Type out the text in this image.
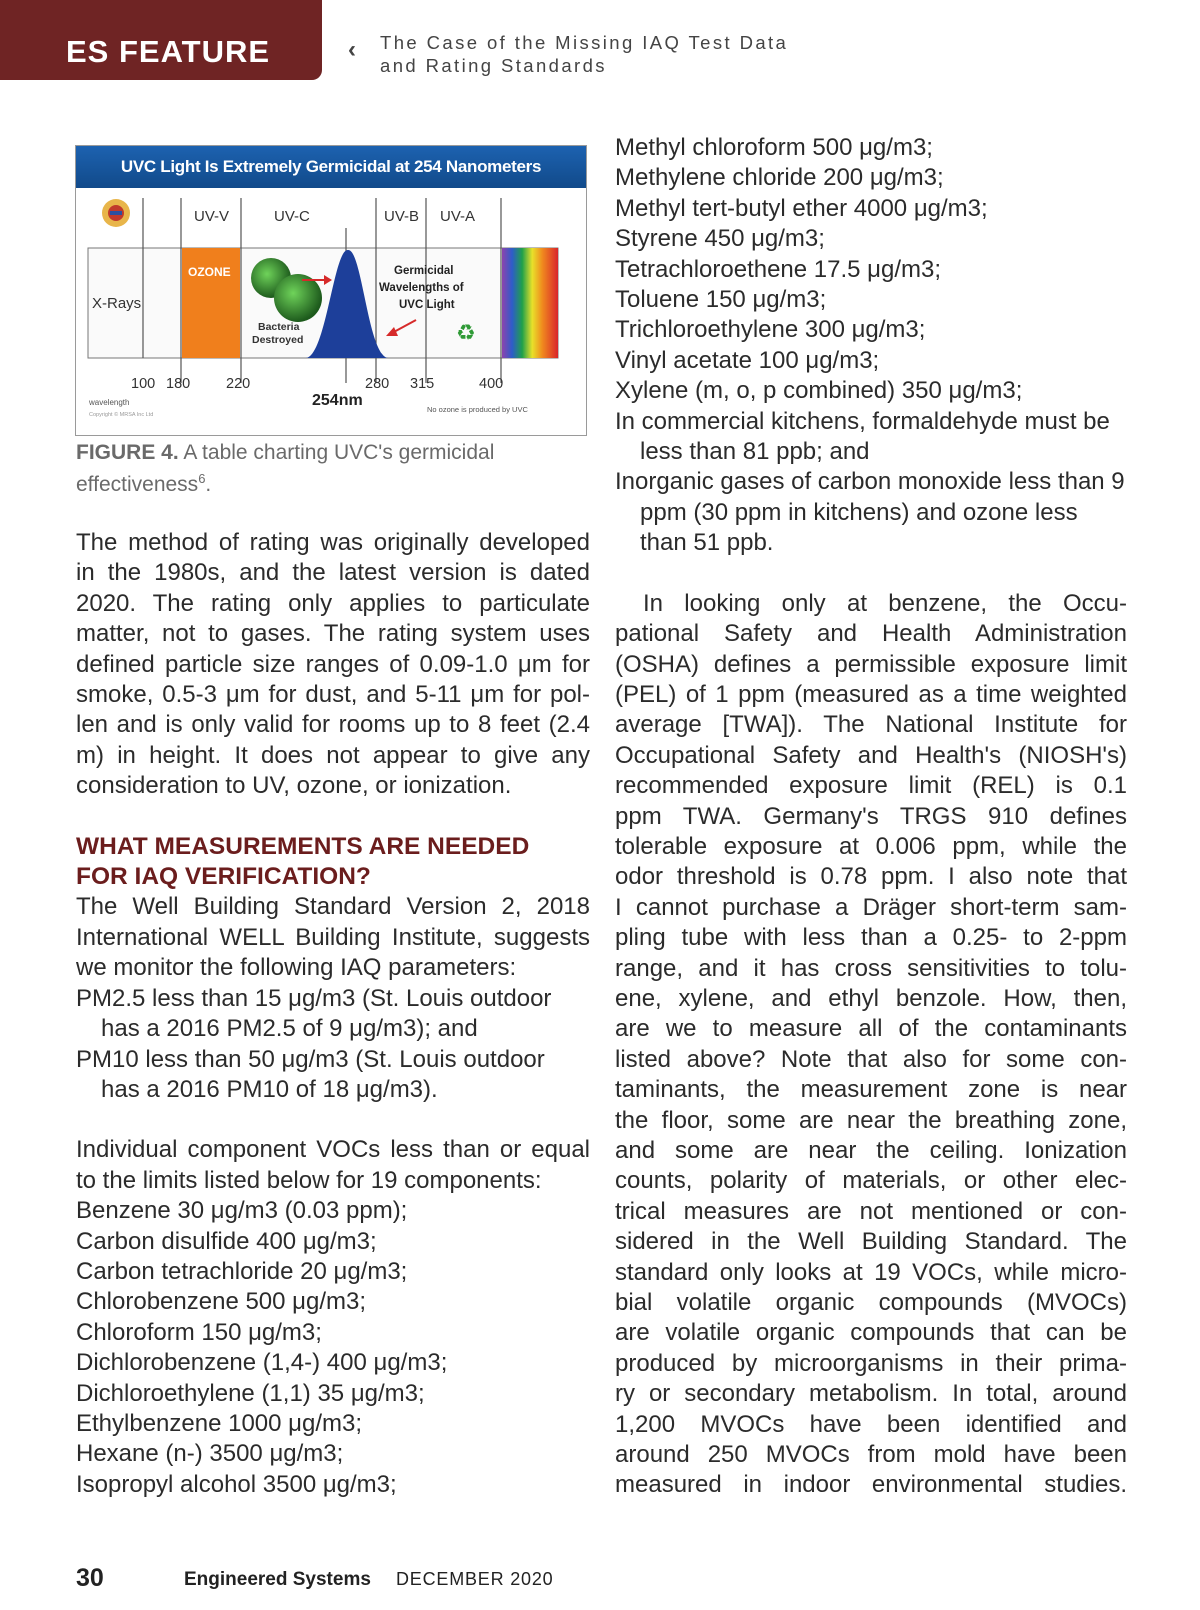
ES FEATURE	‹ The Case of the Missing IAQ Test Data
and Rating Standards
UVC Light Is Extremely Germicidal at 254 Nanometers
UV-V	UV-C	UV-B UV-A
X-Rays
OZONE
Bacteria
Destroyed
Germicidal
Wavelengths of
UVC Light
♻
100 180 220	280 315	400
254nm
wavelength
Copyright © MRSA Inc Ltd
No ozone is produced by UVC
FIGURE 4. A table charting UVC's germicidal
effectiveness$^6$.

The method of rating was originally developed

in the 1980s, and the latest version is dated

2020. The rating only applies to particulate

matter, not to gases. The rating system uses

defined particle size ranges of 0.09-1.0 μm for

smoke, 0.5-3 μm for dust, and 5-11 μm for pol-

len and is only valid for rooms up to 8 feet (2.4

m) in height. It does not appear to give any

consideration to UV, ozone, or ionization.

WHAT MEASUREMENTS ARE NEEDED
FOR IAQ VERIFICATION?

The Well Building Standard Version 2, 2018

International WELL Building Institute, suggests

we monitor the following IAQ parameters:

PM2.5 less than 15 μg/m3 (St. Louis outdoor has a 2016 PM2.5 of 9 μg/m3); and

PM10 less than 50 μg/m3 (St. Louis outdoor has a 2016 PM10 of 18 μg/m3).

Individual component VOCs less than or equal

to the limits listed below for 19 components:

Benzene 30 μg/m3 (0.03 ppm);

Carbon disulfide 400 μg/m3;

Carbon tetrachloride 20 μg/m3;

Chlorobenzene 500 μg/m3;

Chloroform 150 μg/m3;

Dichlorobenzene (1,4-) 400 μg/m3;

Dichloroethylene (1,1) 35 μg/m3;

Ethylbenzene 1000 μg/m3;

Hexane (n-) 3500 μg/m3;

Isopropyl alcohol 3500 μg/m3;

Methyl chloroform 500 μg/m3;

Methylene chloride 200 μg/m3;

Methyl tert-butyl ether 4000 μg/m3;

Styrene 450 μg/m3;

Tetrachloroethene 17.5 μg/m3;

Toluene 150 μg/m3;

Trichloroethylene 300 μg/m3;

Vinyl acetate 100 μg/m3;

Xylene (m, o, p combined) 350 μg/m3;

In commercial kitchens, formaldehyde must be less than 81 ppb; and

Inorganic gases of carbon monoxide less than 9 ppm (30 ppm in kitchens) and ozone less than 51 ppb.

In looking only at benzene, the Occu-

pational Safety and Health Administration

(OSHA) defines a permissible exposure limit

(PEL) of 1 ppm (measured as a time weighted

average [TWA]). The National Institute for

Occupational Safety and Health's (NIOSH's)

recommended exposure limit (REL) is 0.1

ppm TWA. Germany's TRGS 910 defines

tolerable exposure at 0.006 ppm, while the

odor threshold is 0.78 ppm. I also note that

I cannot purchase a Dräger short-term sam-

pling tube with less than a 0.25- to 2-ppm

range, and it has cross sensitivities to tolu-

ene, xylene, and ethyl benzole. How, then,

are we to measure all of the contaminants

listed above? Note that also for some con-

taminants, the measurement zone is near

the floor, some are near the breathing zone,

and some are near the ceiling. Ionization

counts, polarity of materials, or other elec-

trical measures are not mentioned or con-

sidered in the Well Building Standard. The

standard only looks at 19 VOCs, while micro-

bial volatile organic compounds (MVOCs)

are volatile organic compounds that can be

produced by microorganisms in their prima-

ry or secondary metabolism. In total, around

1,200 MVOCs have been identified and

around 250 MVOCs from mold have been

measured in indoor environmental studies.

30	Engineered Systems DECEMBER 2020
